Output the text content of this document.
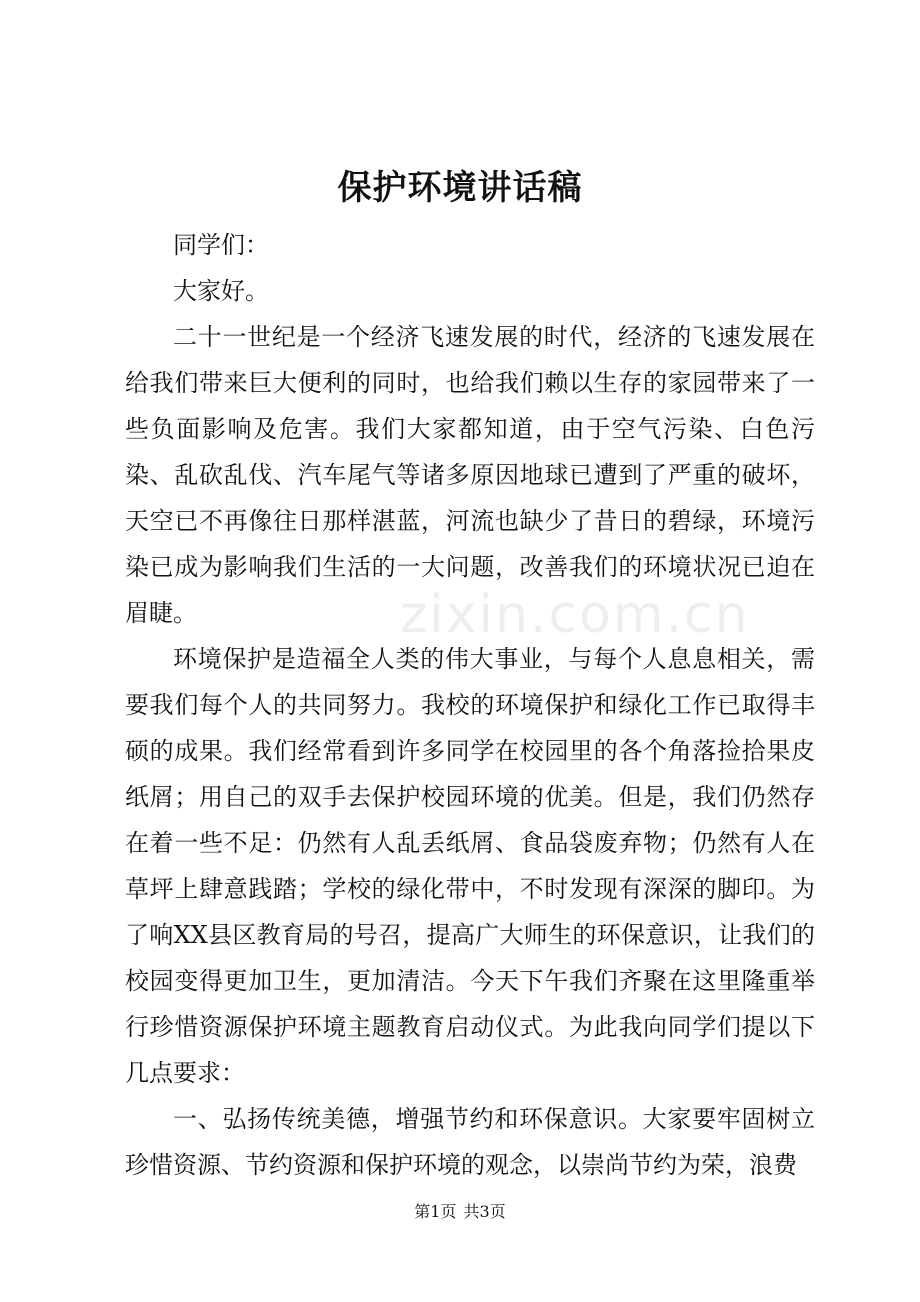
保护环境讲话稿

同学们：

大家好。

二十一世纪是一个经济飞速发展的时代，经济的飞速发展在给我们带来巨大便利的同时，也给我们赖以生存的家园带来了一些负面影响及危害。我们大家都知道，由于空气污染、白色污染、乱砍乱伐、汽车尾气等诸多原因地球已遭到了严重的破坏，天空已不再像往日那样湛蓝，河流也缺少了昔日的碧绿，环境污染已成为影响我们生活的一大问题，改善我们的环境状况已迫在眉睫。

环境保护是造福全人类的伟大事业，与每个人息息相关，需要我们每个人的共同努力。我校的环境保护和绿化工作已取得丰硕的成果。我们经常看到许多同学在校园里的各个角落捡拾果皮纸屑；用自己的双手去保护校园环境的优美。但是，我们仍然存在着一些不足：仍然有人乱丢纸屑、食品袋废弃物；仍然有人在草坪上肆意践踏；学校的绿化带中，不时发现有深深的脚印。为了响XX县区教育局的号召，提高广大师生的环保意识，让我们的校园变得更加卫生，更加清洁。今天下午我们齐聚在这里隆重举行珍惜资源保护环境主题教育启动仪式。为此我向同学们提以下几点要求：

一、弘扬传统美德，增强节约和环保意识。大家要牢固树立珍惜资源、节约资源和保护环境的观念，以崇尚节约为荣，浪费

zixin.com.cn
第1页 共3页
